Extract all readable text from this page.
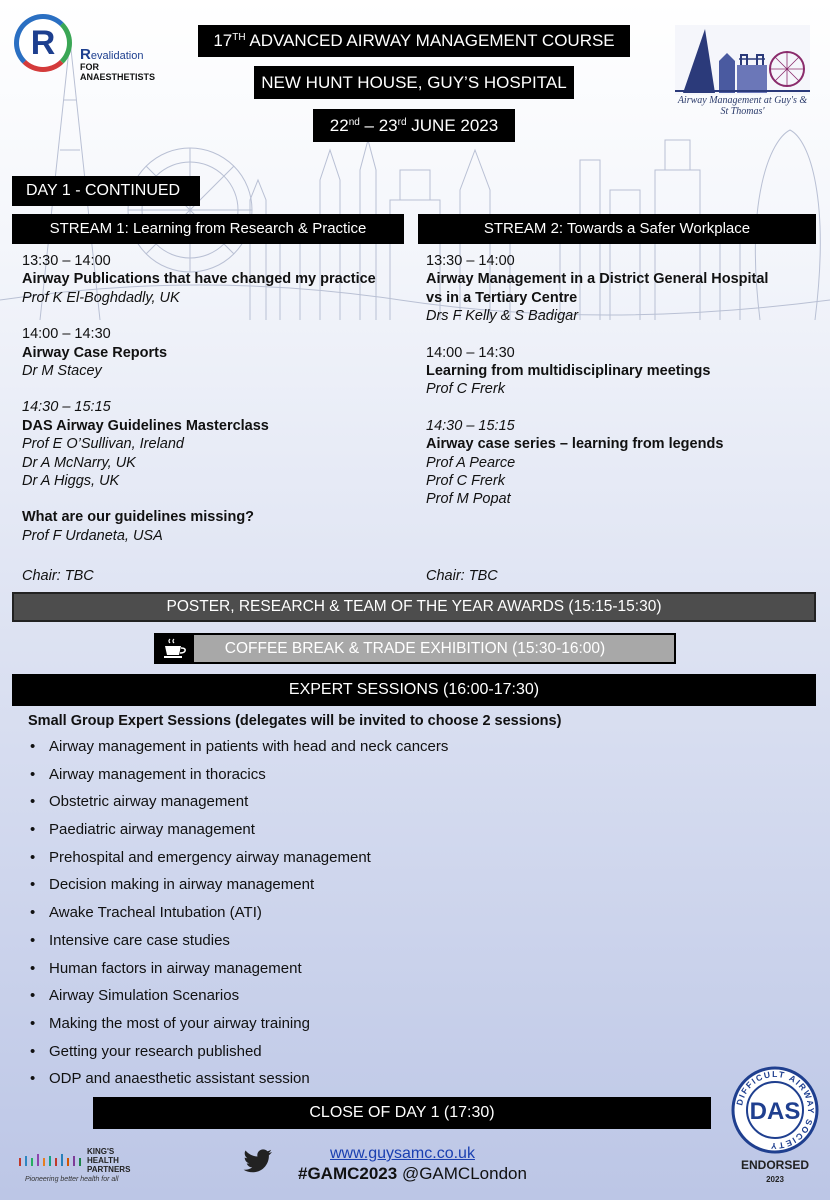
R	Revalidation
FOR ANAESTHETISTS
17TH ADVANCED AIRWAY MANAGEMENT COURSE
NEW HUNT HOUSE, GUY’S HOSPITAL
22nd – 23rd JUNE 2023
Airway Management at Guy's & St Thomas'
DAY 1 - CONTINUED
STREAM 1: Learning from Research & Practice	STREAM 2: Towards a Safer Workplace
13:30 – 14:00
Airway Publications that have changed my practice
Prof K El-Boghdadly, UK
14:00 – 14:30
Airway Case Reports
Dr M Stacey
14:30 – 15:15
DAS Airway Guidelines Masterclass
Prof E O’Sullivan, Ireland
Dr A McNarry, UK
Dr A Higgs, UK
What are our guidelines missing?
Prof F Urdaneta, USA
Chair: TBC
13:30 – 14:00
Airway Management in a District General Hospital
vs in a Tertiary Centre
Drs F Kelly & S Badigar
14:00 – 14:30
Learning from multidisciplinary meetings
Prof C Frerk
14:30 – 15:15
Airway case series – learning from legends
Prof A Pearce
Prof C Frerk
Prof M Popat
Chair: TBC
POSTER, RESEARCH & TEAM OF THE YEAR AWARDS (15:15-15:30)
COFFEE BREAK & TRADE EXHIBITION (15:30-16:00)
EXPERT SESSIONS (16:00-17:30)
Small Group Expert Sessions (delegates will be invited to choose 2 sessions)
• Airway management in patients with head and neck cancers
• Airway management in thoracics
• Obstetric airway management
• Paediatric airway management
• Prehospital and emergency airway management
• Decision making in airway management
• Awake Tracheal Intubation (ATI)
• Intensive care case studies
• Human factors in airway management
• Airway Simulation Scenarios
• Making the most of your airway training
• Getting your research published
• ODP and anaesthetic assistant session
CLOSE OF DAY 1 (17:30)
KING'S
HEALTH
PARTNERS
Pioneering better health for all
www.guysamc.co.uk
#GAMC2023 @GAMCLondon
DIFFICULT AIRWAY SOCIETY
DAS
ENDORSED
2023
